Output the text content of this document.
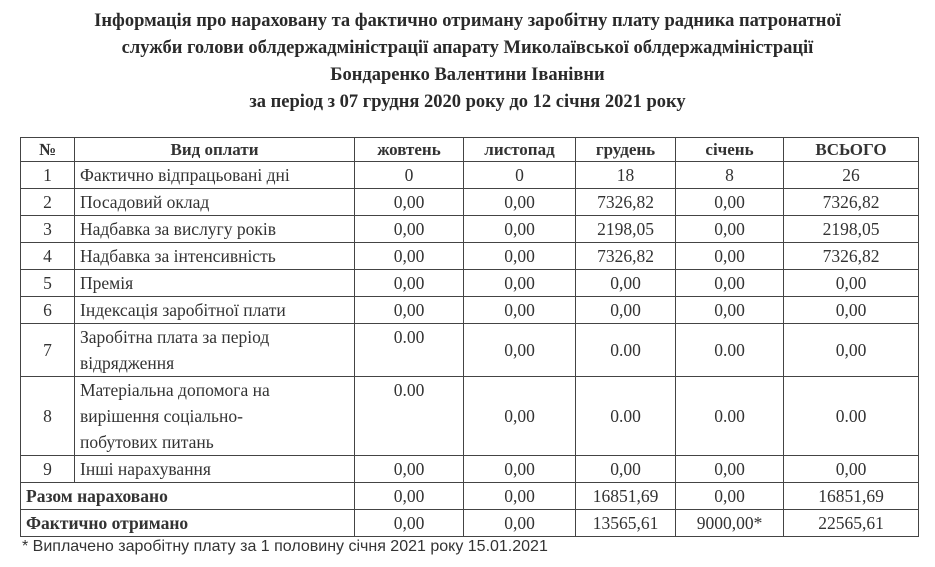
Інформація про нараховану та фактично отриману заробітну плату радника патронатної
служби голови облдержадміністрації апарату Миколаївської облдержадміністрації
Бондаренко Валентини Іванівни
за період з 07 грудня 2020 року до 12 січня 2021 року
№	Вид оплати	жовтень	листопад	грудень	січень	ВСЬОГО
1	Фактично відпрацьовані дні	0	0	18	8	26
2	Посадовий оклад	0,00	0,00	7326,82	0,00	7326,82
3	Надбавка за вислугу років	0,00	0,00	2198,05	0,00	2198,05
4	Надбавка за інтенсивність	0,00	0,00	7326,82	0,00	7326,82
5	Премія	0,00	0,00	0,00	0,00	0,00
6	Індексація заробітної плати	0,00	0,00	0,00	0,00	0,00
7	Заробітна плата за період
відрядження	0.00	0,00	0.00	0.00	0,00
8	Матеріальна допомога на
вирішення соціально-
побутових питань	0.00	0,00	0.00	0.00	0.00
9	Інші нарахування	0,00	0,00	0,00	0,00	0,00
Разом нараховано		0,00	0,00	16851,69	0,00	16851,69
Фактично отримано		0,00	0,00	13565,61	9000,00*	22565,61
* Виплачено заробітну плату за 1 половину січня 2021 року 15.01.2021
